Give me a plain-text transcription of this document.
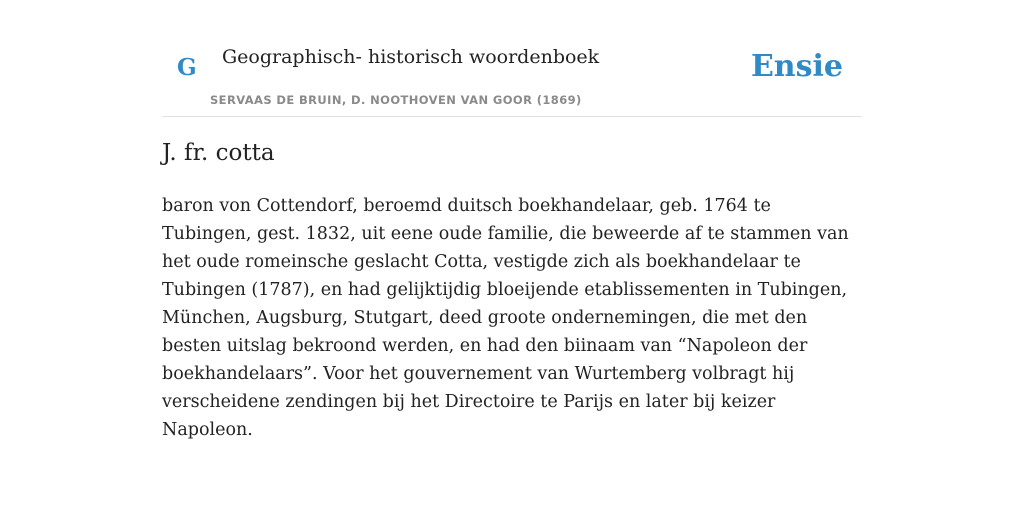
G Geographisch- historisch woordenboek
SERVAAS DE BRUIN, D. NOOTHOVEN VAN GOOR (1869)
Ensie
J. fr. cotta

baron von Cottendorf, beroemd duitsch boekhandelaar, geb. 1764 te Tubingen, gest. 1832, uit eene oude familie, die beweerde af te stammen van het oude romeinsche geslacht Cotta, vestigde zich als boekhandelaar te Tubingen (1787), en had gelijktijdig bloeijende etablissementen in Tubingen, München, Augsburg, Stutgart, deed groote ondernemingen, die met den besten uitslag bekroond werden, en had den biinaam van “Napoleon der boekhandelaars”. Voor het gouvernement van Wurtemberg volbragt hij verscheidene zendingen bij het Directoire te Parijs en later bij keizer Napoleon.
